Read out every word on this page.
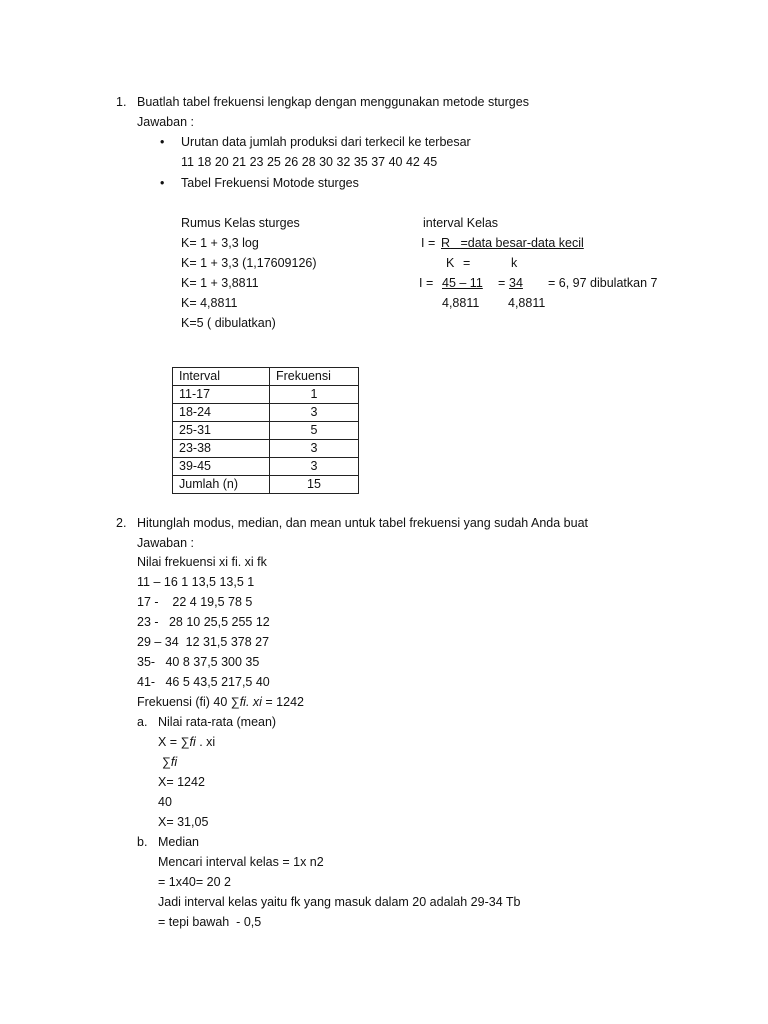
1. Buatlah tabel frekuensi lengkap dengan menggunakan metode sturges
Jawaban :
• Urutan data jumlah produksi dari terkecil ke terbesar
11 18 20 21 23 25 26 28 30 32 35 37 40 42 45
• Tabel Frekuensi Motode sturges
Rumus Kelas sturges
K= 1 + 3,3 log
K= 1 + 3,3 (1,17609126)
K= 1 + 3,8811
K= 4,8811
K=5 ( dibulatkan)
interval Kelas
I = R =data besar-data kecil
K =	k
I = 45 – 11 = 34	= 6, 97 dibulatkan 7
4,8811 4,8811
Interval	Frekuensi
11-17	1
18-24	3
25-31	5
23-38	3
39-45	3
Jumlah (n)	15
2. Hitunglah modus, median, dan mean untuk tabel frekuensi yang sudah Anda buat
Jawaban :
Nilai frekuensi xi fi. xi fk
11 – 16 1 13,5 13,5 1
17 -    22 4 19,5 78 5
23 -   28 10 25,5 255 12
29 – 34  12 31,5 378 27
35-   40 8 37,5 300 35
41-   46 5 43,5 217,5 40
Frekuensi (fi) 40 ∑fi. xi = 1242
a. Nilai rata-rata (mean)
X = ∑fi . xi
∑fi
X= 1242
40
X= 31,05
b. Median
Mencari interval kelas = 1x n2
= 1x40= 20 2
Jadi interval kelas yaitu fk yang masuk dalam 20 adalah 29-34 Tb
= tepi bawah  - 0,5
